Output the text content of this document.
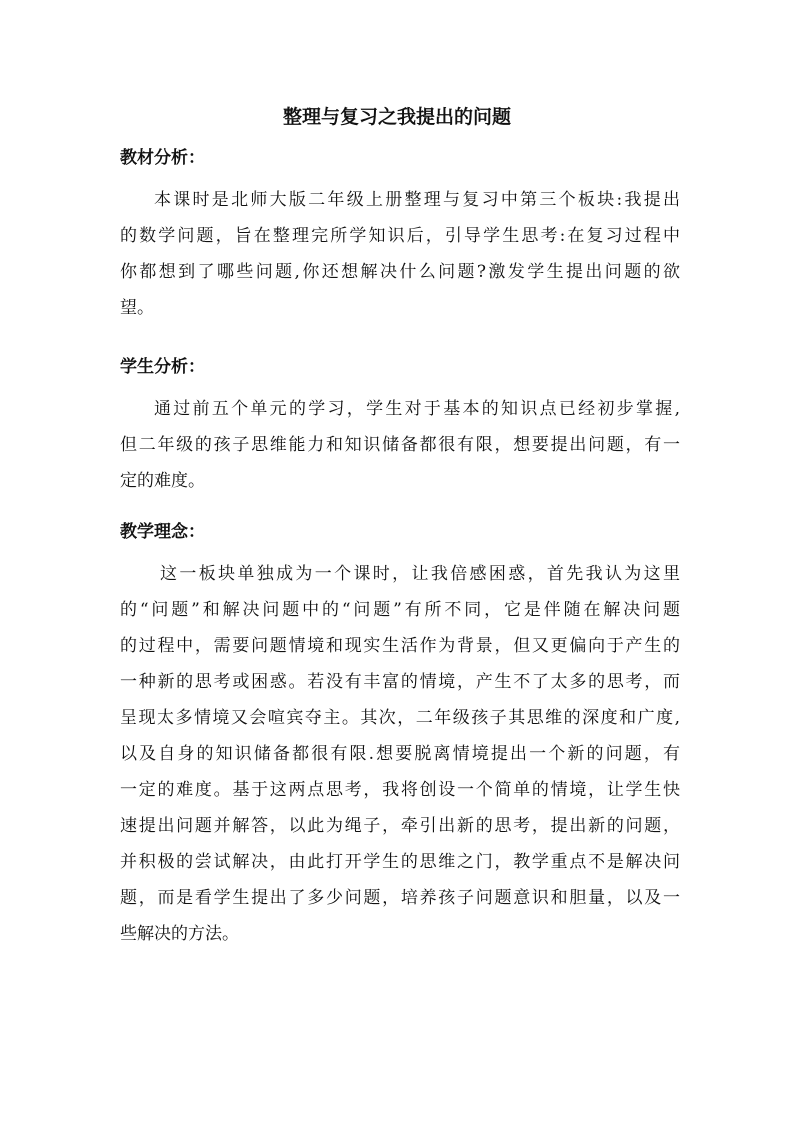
整理与复习之我提出的问题
教材分析：
本课时是北师大版二年级上册整理与复习中第三个板块:我提出
的数学问题，旨在整理完所学知识后，引导学生思考:在复习过程中
你都想到了哪些问题,你还想解决什么问题?激发学生提出问题的欲
望。
学生分析：
通过前五个单元的学习，学生对于基本的知识点已经初步掌握,
但二年级的孩子思维能力和知识储备都很有限，想要提出问题，有一
定的难度。
教学理念：
这一板块单独成为一个课时，让我倍感困惑，首先我认为这里
的“问题”和解决问题中的“问题”有所不同，它是伴随在解决问题
的过程中，需要问题情境和现实生活作为背景，但又更偏向于产生的
一种新的思考或困惑。若没有丰富的情境，产生不了太多的思考，而
呈现太多情境又会喧宾夺主。其次，二年级孩子其思维的深度和广度,
以及自身的知识储备都很有限.想要脱离情境提出一个新的问题，有
一定的难度。基于这两点思考，我将创设一个简单的情境，让学生快
速提出问题并解答，以此为绳子，牵引出新的思考，提出新的问题，
并积极的尝试解决，由此打开学生的思维之门，教学重点不是解决问
题，而是看学生提出了多少问题，培养孩子问题意识和胆量，以及一
些解决的方法。
